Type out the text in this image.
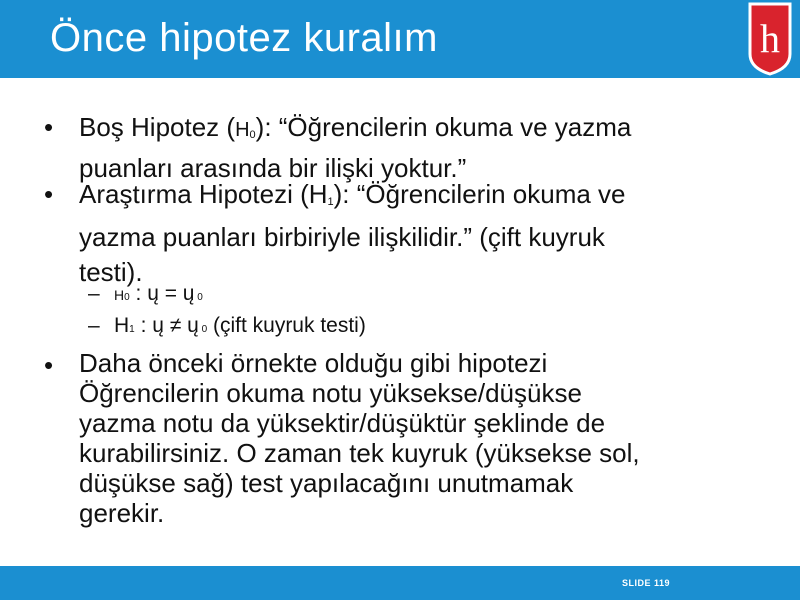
Önce hipotez kuralım	h
• Boş Hipotez $(H_0)$: “Öğrencilerin okuma ve yazma
puanları arasında bir ilişki yoktur.”
• Araştırma Hipotezi $(H_1)$: “Öğrencilerin okuma ve
yazma puanları birbiriyle ilişkilidir.” (çift kuyruk
testi).
– H0 : ų = ų 0
– H1 : ų ≠ ų 0 (çift kuyruk testi)
• Daha önceki örnekte olduğu gibi hipotezi
Öğrencilerin okuma notu yüksekse/düşükse
yazma notu da yüksektir/düşüktür şeklinde de
kurabilirsiniz. O zaman tek kuyruk (yüksekse sol,
düşükse sağ) test yapılacağını unutmamak
gerekir.
SLIDE 119
